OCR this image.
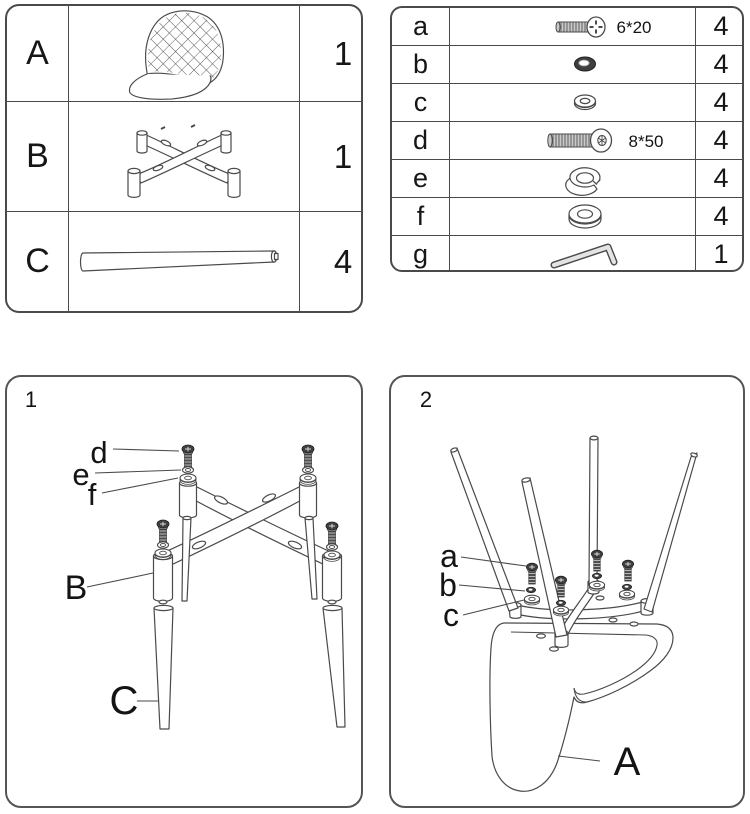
A	1
B	1
C	4
a	6*20	4
b	4
c	4
d	8*50	4
e	4
f	4
g	1
d
e
f
B
C
1
a
b
c
A
2
